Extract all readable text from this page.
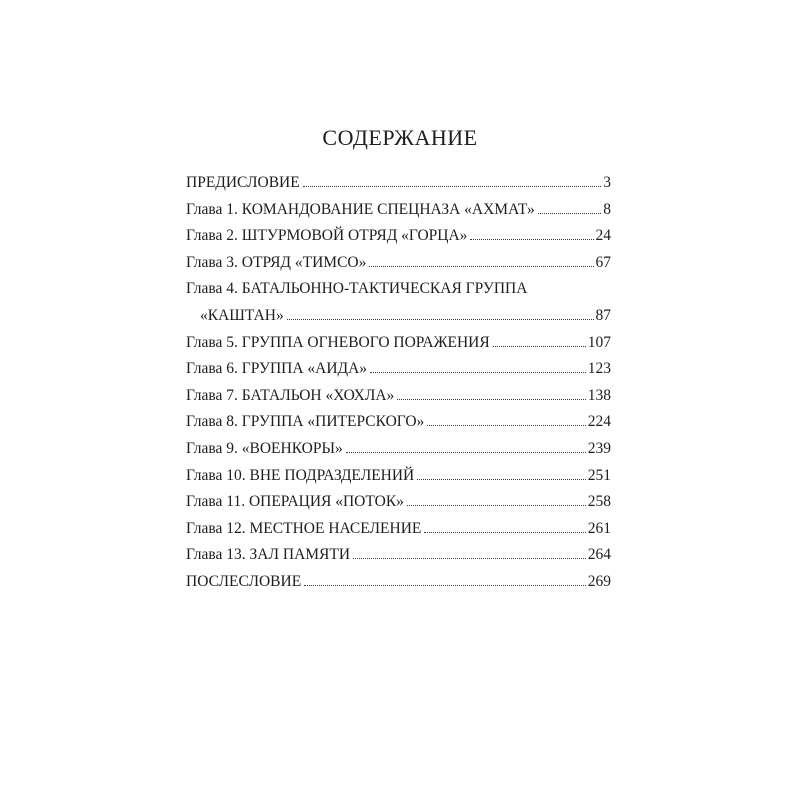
СОДЕРЖАНИЕ
ПРЕДИСЛОВИЕ	3
Глава 1. КОМАНДОВАНИЕ СПЕЦНАЗА «АХМАТ»	8
Глава 2. ШТУРМОВОЙ ОТРЯД «ГОРЦА»	24
Глава 3. ОТРЯД «ТИМСО»	67
Глава 4. БАТАЛЬОННО-ТАКТИЧЕСКАЯ ГРУППА
«КАШТАН»	87
Глава 5. ГРУППА ОГНЕВОГО ПОРАЖЕНИЯ	107
Глава 6. ГРУППА «АИДА»	123
Глава 7. БАТАЛЬОН «ХОХЛА»	138
Глава 8. ГРУППА «ПИТЕРСКОГО»	224
Глава 9. «ВОЕНКОРЫ»	239
Глава 10. ВНЕ ПОДРАЗДЕЛЕНИЙ	251
Глава 11. ОПЕРАЦИЯ «ПОТОК»	258
Глава 12. МЕСТНОЕ НАСЕЛЕНИЕ	261
Глава 13. ЗАЛ ПАМЯТИ	264
ПОСЛЕСЛОВИЕ	269
